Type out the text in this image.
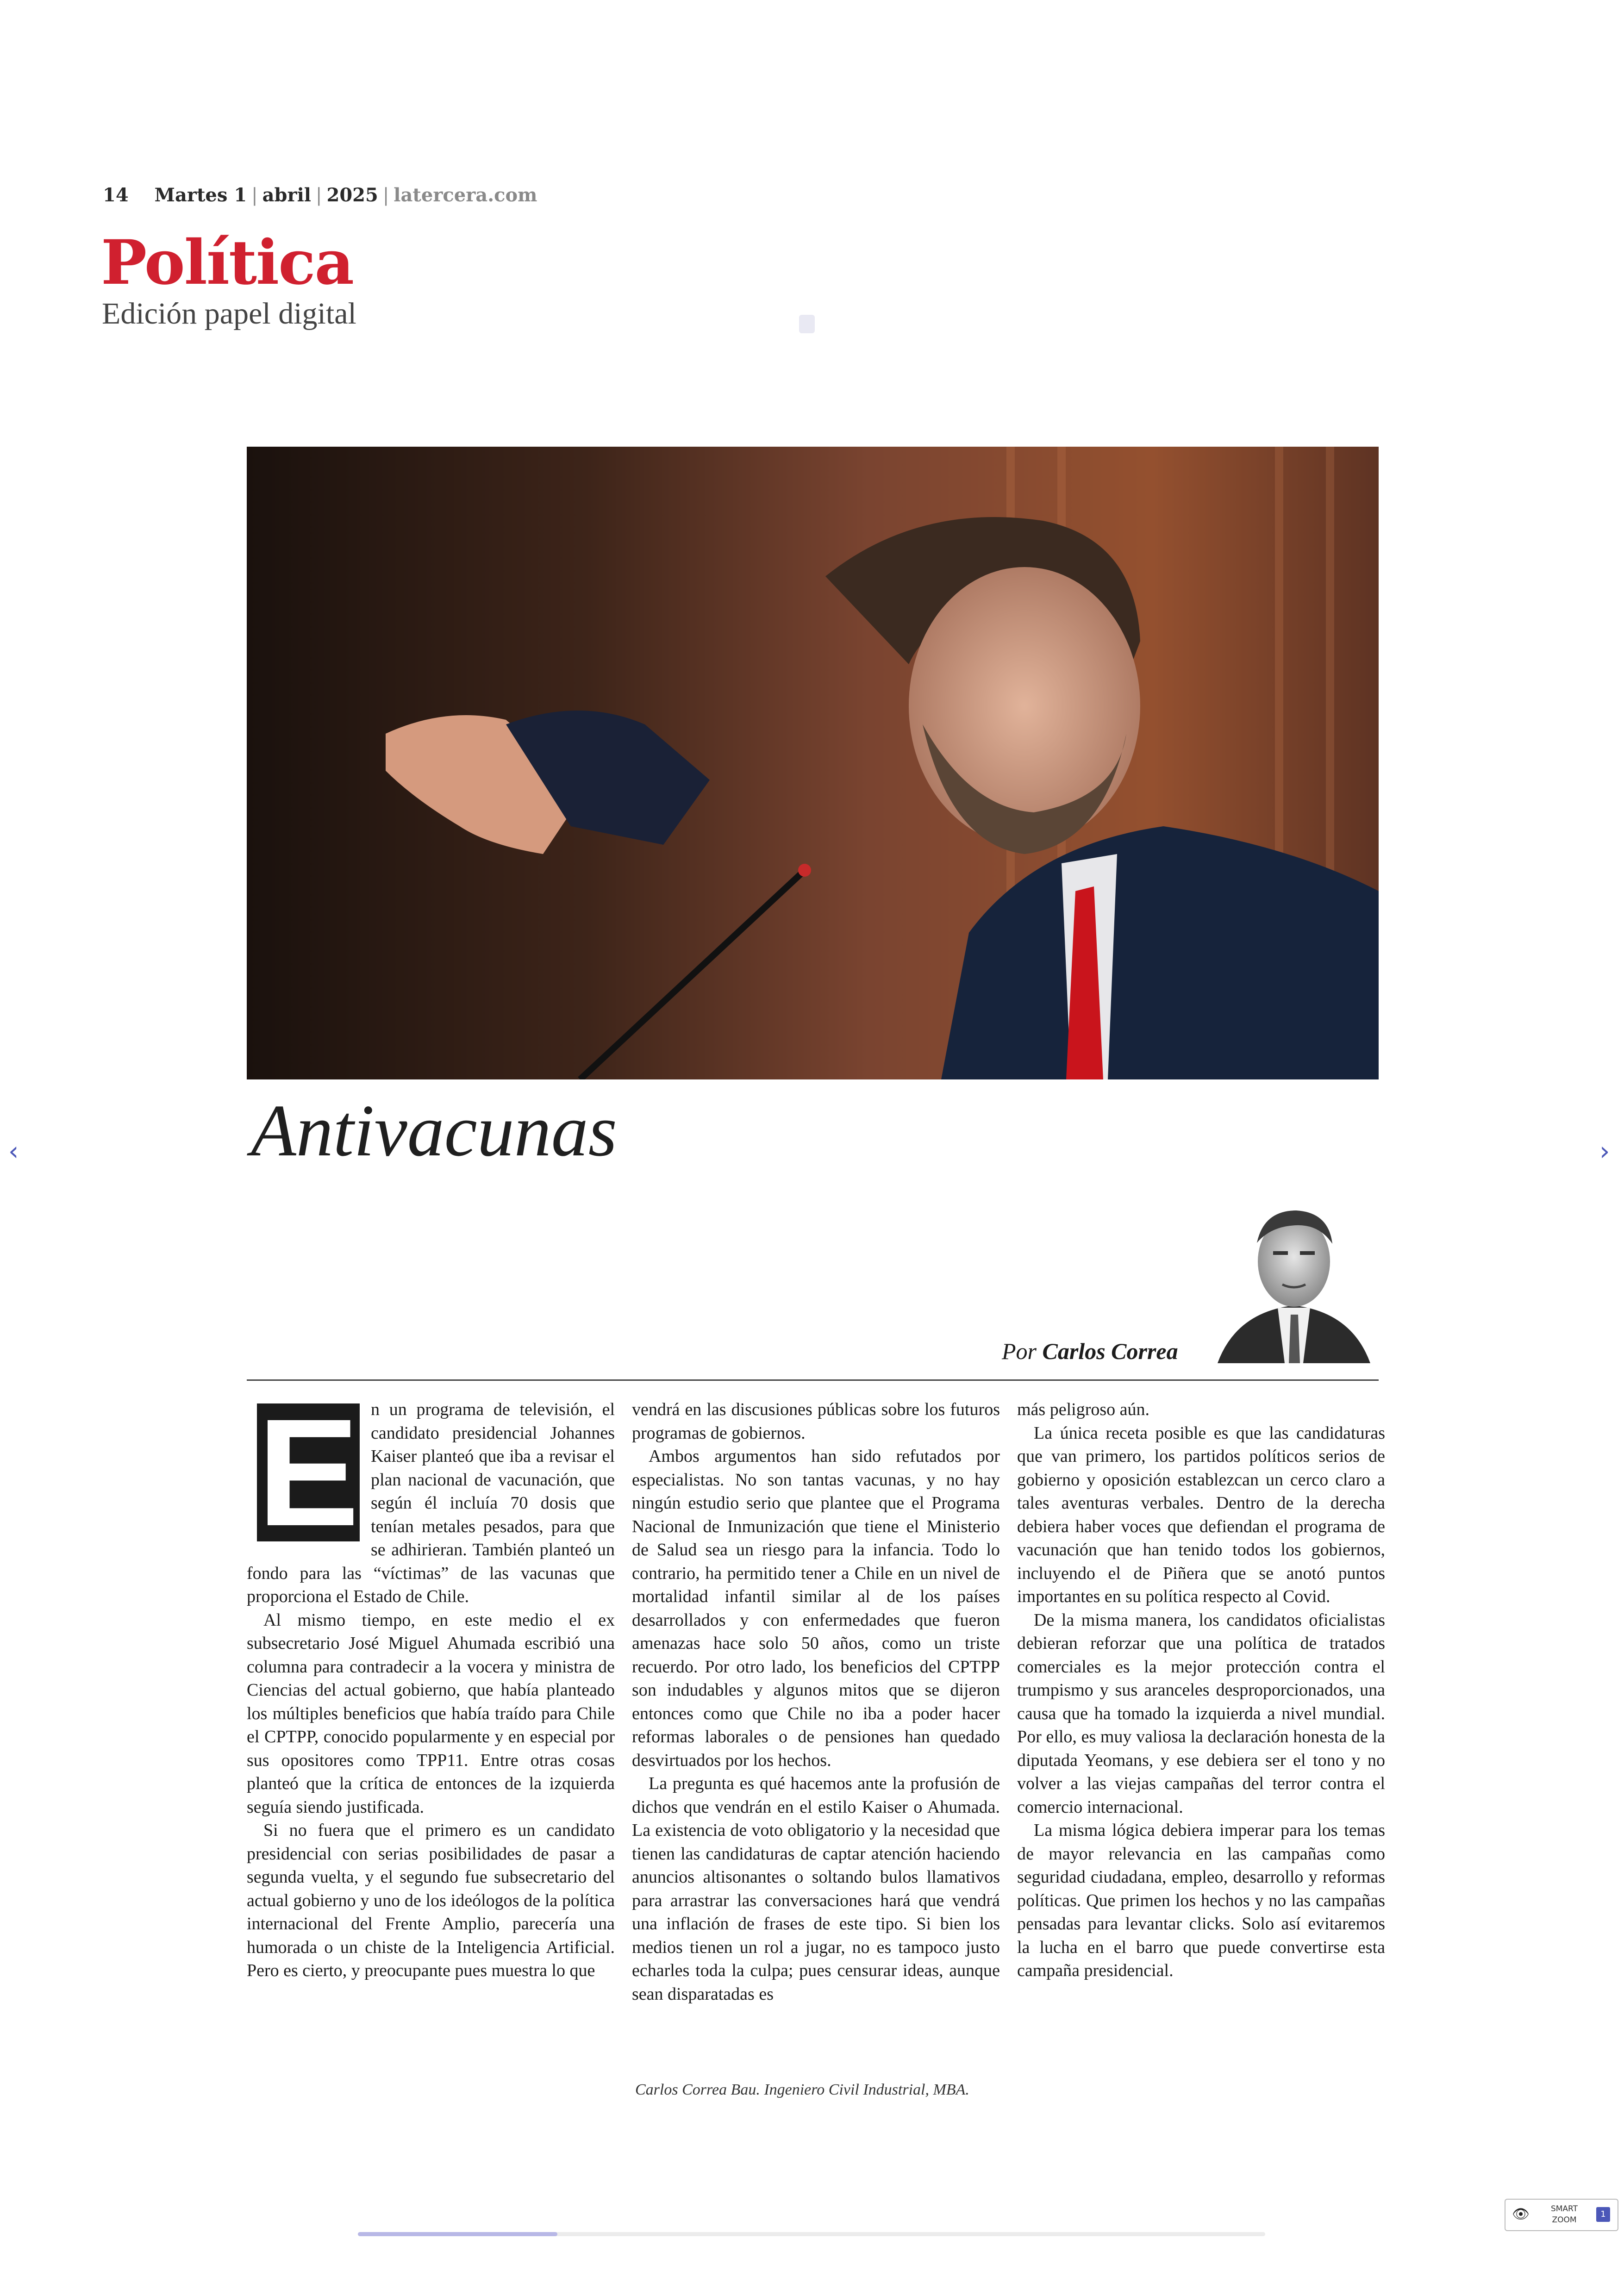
14 Martes 1 | abril | 2025 | latercera.com
Política
Edición papel digital
Antivacunas
Por Carlos Correa
E n un programa de televisión, el candidato presidencial Johannes Kaiser planteó que iba a revisar el plan nacional de vacunación, que según él incluía 70 dosis que tenían metales pesados, para que se adhirieran. También planteó un fondo para las “víctimas” de las vacunas que proporciona el Estado de Chile.

Al mismo tiempo, en este medio el ex subsecretario José Miguel Ahumada escribió una columna para contradecir a la vocera y ministra de Ciencias del actual gobierno, que había planteado los múltiples beneficios que había traído para Chile el CPTPP, conocido popularmente y en especial por sus opositores como TPP11. Entre otras cosas planteó que la crítica de entonces de la izquierda seguía siendo justificada.

Si no fuera que el primero es un candidato presidencial con serias posibilidades de pasar a segunda vuelta, y el segundo fue subsecretario del actual gobierno y uno de los ideólogos de la política internacional del Frente Amplio, parecería una humorada o un chiste de la Inteligencia Artificial. Pero es cierto, y preocupante pues muestra lo que

vendrá en las discusiones públicas sobre los futuros programas de gobiernos.

Ambos argumentos han sido refutados por especialistas. No son tantas vacunas, y no hay ningún estudio serio que plantee que el Programa Nacional de Inmunización que tiene el Ministerio de Salud sea un riesgo para la infancia. Todo lo contrario, ha permitido tener a Chile en un nivel de mortalidad infantil similar al de los países desarrollados y con enfermedades que fueron amenazas hace solo 50 años, como un triste recuerdo. Por otro lado, los beneficios del CPTPP son indudables y algunos mitos que se dijeron entonces como que Chile no iba a poder hacer reformas laborales o de pensiones han quedado desvirtuados por los hechos.

La pregunta es qué hacemos ante la profusión de dichos que vendrán en el estilo Kaiser o Ahumada. La existencia de voto obligatorio y la necesidad que tienen las candidaturas de captar atención haciendo anuncios altisonantes o soltando bulos llamativos para arrastrar las conversaciones hará que vendrá una inflación de frases de este tipo. Si bien los medios tienen un rol a jugar, no es tampoco justo echarles toda la culpa; pues censurar ideas, aunque sean disparatadas es

más peligroso aún.

La única receta posible es que las candidaturas que van primero, los partidos políticos serios de gobierno y oposición establezcan un cerco claro a tales aventuras verbales. Dentro de la derecha debiera haber voces que defiendan el programa de vacunación que han tenido todos los gobiernos, incluyendo el de Piñera que se anotó puntos importantes en su política respecto al Covid.

De la misma manera, los candidatos oficialistas debieran reforzar que una política de tratados comerciales es la mejor protección contra el trumpismo y sus aranceles desproporcionados, una causa que ha tomado la izquierda a nivel mundial. Por ello, es muy valiosa la declaración honesta de la diputada Yeomans, y ese debiera ser el tono y no volver a las viejas campañas del terror contra el comercio internacional.

La misma lógica debiera imperar para los temas de mayor relevancia en las campañas como seguridad ciudadana, empleo, desarrollo y reformas políticas. Que primen los hechos y no las campañas pensadas para levantar clicks. Solo así evitaremos la lucha en el barro que puede convertirse esta campaña presidencial.

Carlos Correa Bau. Ingeniero Civil Industrial, MBA.
‹	›
👁	SMART
ZOOM
1
